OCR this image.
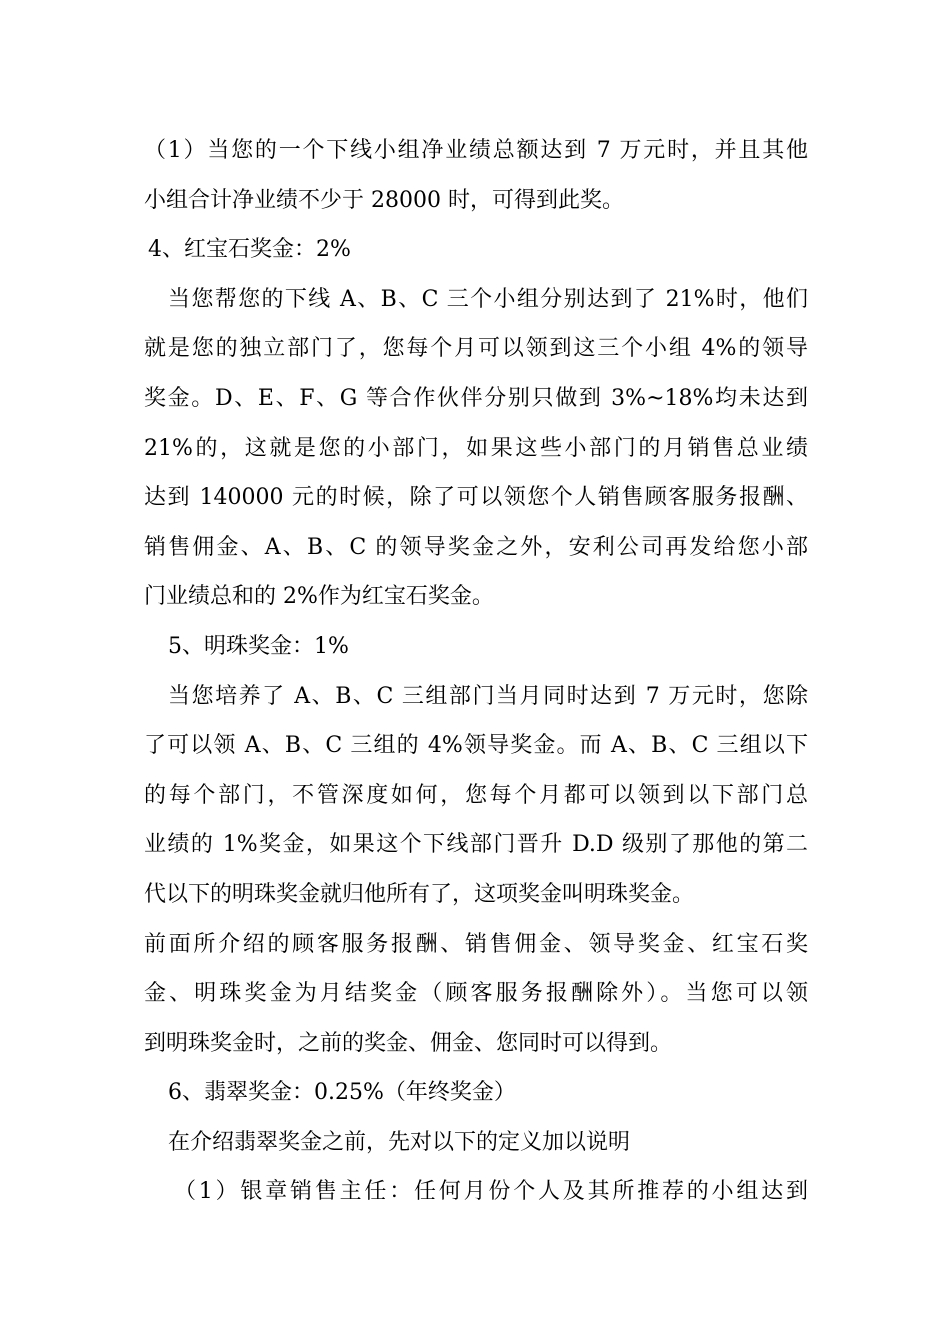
（1）当您的一个下线小组净业绩总额达到 7 万元时，并且其他
小组合计净业绩不少于 28000 时，可得到此奖。
4、红宝石奖金：2%
当您帮您的下线 A、B、C 三个小组分别达到了 21%时，他们
就是您的独立部门了，您每个月可以领到这三个小组 4%的领导
奖金。D、E、F、G 等合作伙伴分别只做到 3%~18%均未达到
21%的，这就是您的小部门，如果这些小部门的月销售总业绩
达到 140000 元的时候，除了可以领您个人销售顾客服务报酬、
销售佣金、A、B、C 的领导奖金之外，安利公司再发给您小部
门业绩总和的 2%作为红宝石奖金。
5、明珠奖金：1%
当您培养了 A、B、C 三组部门当月同时达到 7 万元时，您除
了可以领 A、B、C 三组的 4%领导奖金。而 A、B、C 三组以下
的每个部门，不管深度如何，您每个月都可以领到以下部门总
业绩的 1%奖金，如果这个下线部门晋升 D.D 级别了那他的第二
代以下的明珠奖金就归他所有了，这项奖金叫明珠奖金。
前面所介绍的顾客服务报酬、销售佣金、领导奖金、红宝石奖
金、明珠奖金为月结奖金（顾客服务报酬除外）。当您可以领
到明珠奖金时，之前的奖金、佣金、您同时可以得到。
6、翡翠奖金：0.25%（年终奖金）
在介绍翡翠奖金之前，先对以下的定义加以说明
（1）银章销售主任：任何月份个人及其所推荐的小组达到
